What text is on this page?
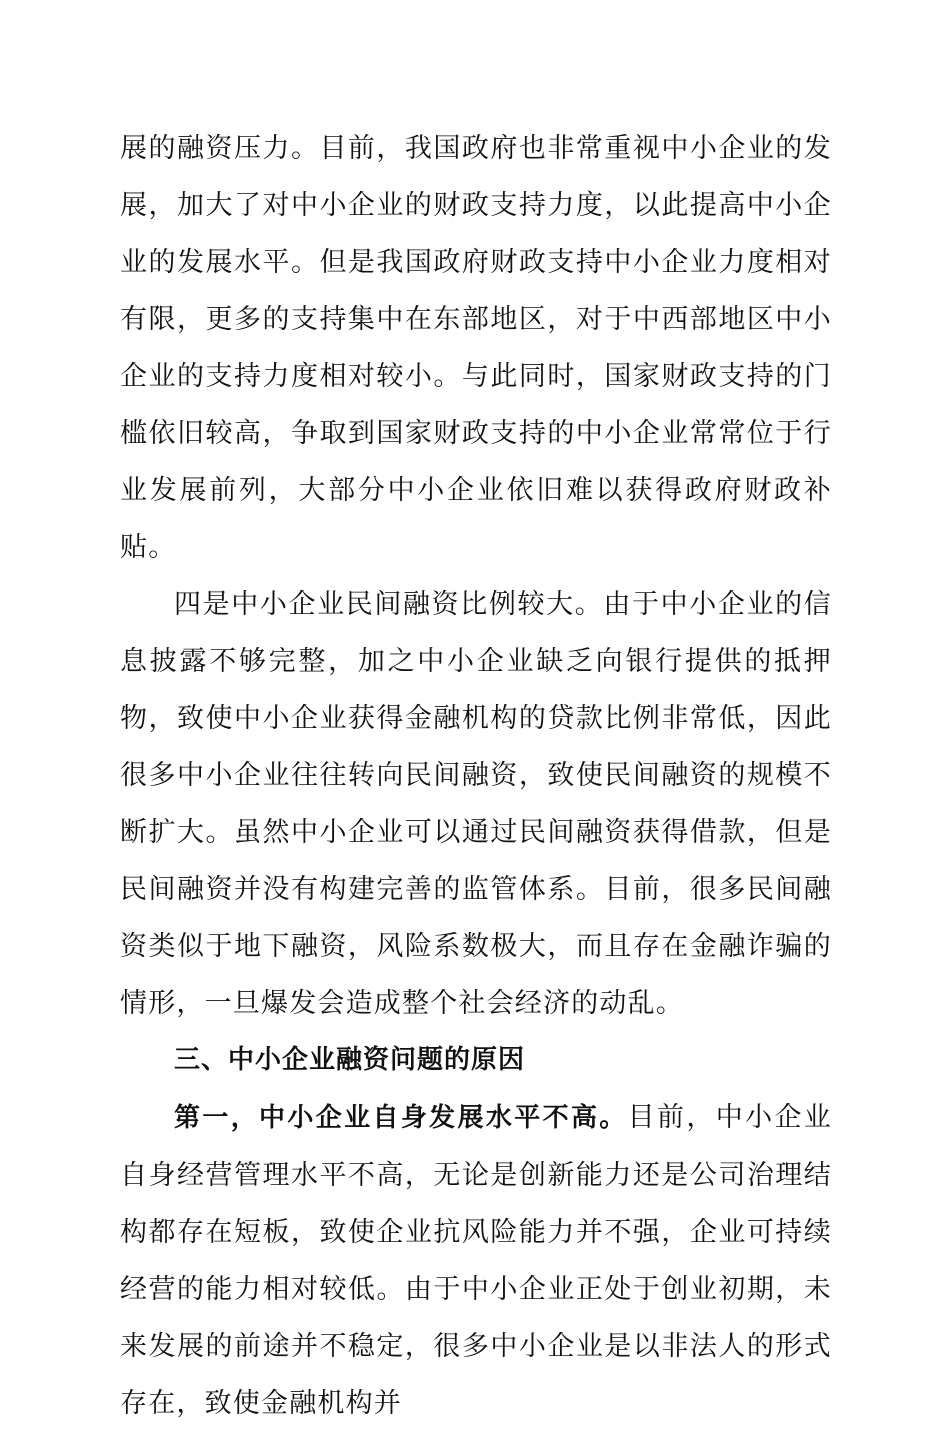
展的融资压力。目前，我国政府也非常重视中小企业的发展，加大了对中小企业的财政支持力度，以此提高中小企业的发展水平。但是我国政府财政支持中小企业力度相对有限，更多的支持集中在东部地区，对于中西部地区中小企业的支持力度相对较小。与此同时，国家财政支持的门槛依旧较高，争取到国家财政支持的中小企业常常位于行业发展前列，大部分中小企业依旧难以获得政府财政补贴。

四是中小企业民间融资比例较大。由于中小企业的信息披露不够完整，加之中小企业缺乏向银行提供的抵押物，致使中小企业获得金融机构的贷款比例非常低，因此很多中小企业往往转向民间融资，致使民间融资的规模不断扩大。虽然中小企业可以通过民间融资获得借款，但是民间融资并没有构建完善的监管体系。目前，很多民间融资类似于地下融资，风险系数极大，而且存在金融诈骗的情形，一旦爆发会造成整个社会经济的动乱。

三、中小企业融资问题的原因

第一，中小企业自身发展水平不高。目前，中小企业自身经营管理水平不高，无论是创新能力还是公司治理结构都存在短板，致使企业抗风险能力并不强，企业可持续经营的能力相对较低。由于中小企业正处于创业初期，未来发展的前途并不稳定，很多中小企业是以非法人的形式存在，致使金融机构并
